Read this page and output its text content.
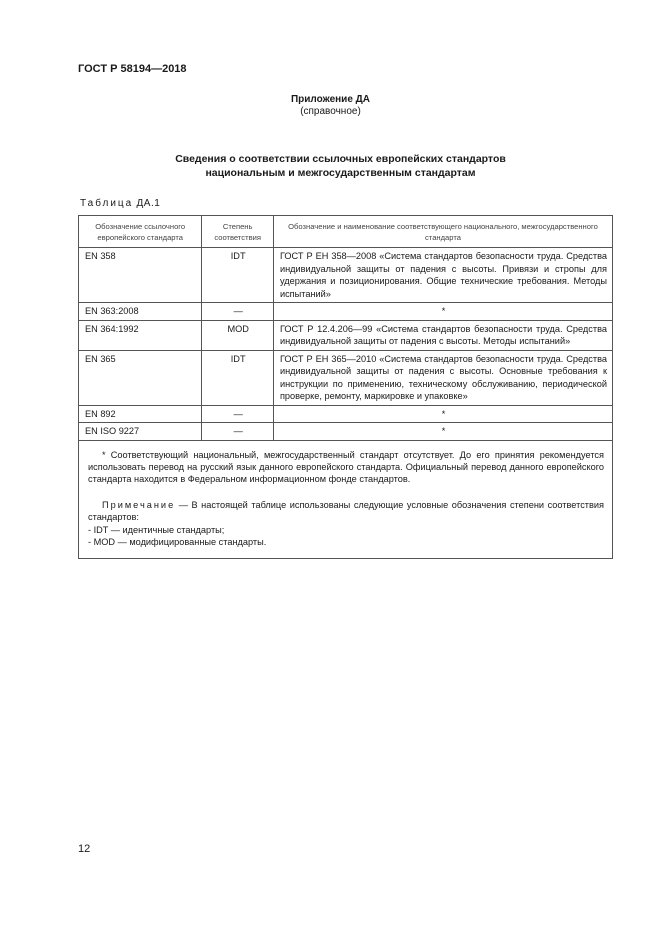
ГОСТ Р 58194—2018
Приложение ДА
(справочное)
Сведения о соответствии ссылочных европейских стандартов
национальным и межгосударственным стандартам
Таблица ДА.1
Обозначение ссылочного европейского стандарта	Степень соответствия	Обозначение и наименование соответствующего национального, межгосударственного стандарта
EN 358	IDT	ГОСТ Р ЕН 358—2008 «Система стандартов безопасности труда. Средства индивидуальной защиты от падения с высоты. Привязи и стропы для удержания и позиционирования. Общие технические требования. Методы испытаний»
EN 363:2008	—	*
EN 364:1992	MOD	ГОСТ Р 12.4.206—99 «Система стандартов безопасности труда. Средства индивидуальной защиты от падения с высоты. Методы испытаний»
EN 365	IDT	ГОСТ Р ЕН 365—2010 «Система стандартов безопасности труда. Средства индивидуальной защиты от падения с высоты. Основные требования к инструкции по применению, техническому обслуживанию, периодической проверке, ремонту, маркировке и упаковке»
EN 892	—	*
EN ISO 9227	—	*

* Соответствующий национальный, межгосударственный стандарт отсутствует. До его принятия рекомендуется использовать перевод на русский язык данного европейского стандарта. Официальный перевод данного европейского стандарта находится в Федеральном информационном фонде стандартов.

Примечание — В настоящей таблице использованы следующие условные обозначения степени соответствия стандартов:

- IDT — идентичные стандарты;

- MOD — модифицированные стандарты.		

12
